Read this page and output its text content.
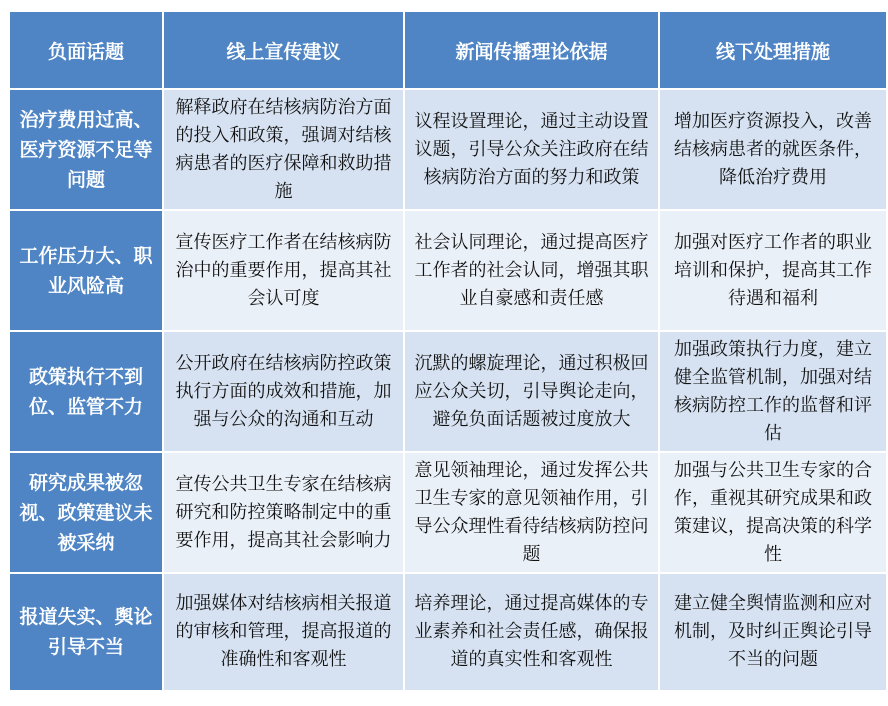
负面话题	线上宣传建议	新闻传播理论依据	线下处理措施
治疗费用过高、医疗资源不足等问题	解释政府在结核病防治方面的投入和政策，强调对结核病患者的医疗保障和救助措施	议程设置理论，通过主动设置议题，引导公众关注政府在结核病防治方面的努力和政策	增加医疗资源投入，改善结核病患者的就医条件，降低治疗费用
工作压力大、职业风险高	宣传医疗工作者在结核病防治中的重要作用，提高其社会认可度	社会认同理论，通过提高医疗工作者的社会认同，增强其职业自豪感和责任感	加强对医疗工作者的职业培训和保护，提高其工作待遇和福利
政策执行不到位、监管不力	公开政府在结核病防控政策执行方面的成效和措施，加强与公众的沟通和互动	沉默的螺旋理论，通过积极回应公众关切，引导舆论走向，避免负面话题被过度放大	加强政策执行力度，建立健全监管机制，加强对结核病防控工作的监督和评估
研究成果被忽视、政策建议未被采纳	宣传公共卫生专家在结核病研究和防控策略制定中的重要作用，提高其社会影响力	意见领袖理论，通过发挥公共卫生专家的意见领袖作用，引导公众理性看待结核病防控问题	加强与公共卫生专家的合作，重视其研究成果和政策建议，提高决策的科学性
报道失实、舆论引导不当	加强媒体对结核病相关报道的审核和管理，提高报道的准确性和客观性	培养理论，通过提高媒体的专业素养和社会责任感，确保报道的真实性和客观性	建立健全舆情监测和应对机制，及时纠正舆论引导不当的问题
